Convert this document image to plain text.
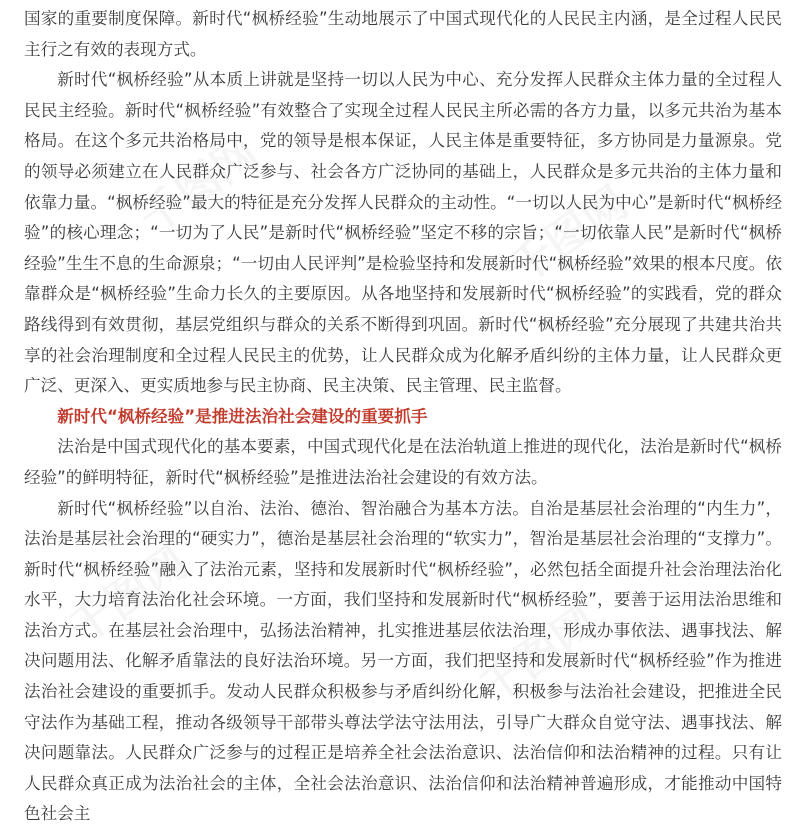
千图网	千图网
千图网
千图网

国家的重要制度保障。新时代“枫桥经验”生动地展示了中国式现代化的人民民主内涵，是全过程人民民主行之有效的表现方式。

新时代“枫桥经验”从本质上讲就是坚持一切以人民为中心、充分发挥人民群众主体力量的全过程人民民主经验。新时代“枫桥经验”有效整合了实现全过程人民民主所必需的各方力量，以多元共治为基本格局。在这个多元共治格局中，党的领导是根本保证，人民主体是重要特征，多方协同是力量源泉。党的领导必须建立在人民群众广泛参与、社会各方广泛协同的基础上，人民群众是多元共治的主体力量和依靠力量。“枫桥经验”最大的特征是充分发挥人民群众的主动性。“一切以人民为中心”是新时代“枫桥经验”的核心理念；“一切为了人民”是新时代“枫桥经验”坚定不移的宗旨；“一切依靠人民”是新时代“枫桥经验”生生不息的生命源泉；“一切由人民评判”是检验坚持和发展新时代“枫桥经验”效果的根本尺度。依靠群众是“枫桥经验”生命力长久的主要原因。从各地坚持和发展新时代“枫桥经验”的实践看，党的群众路线得到有效贯彻，基层党组织与群众的关系不断得到巩固。新时代“枫桥经验”充分展现了共建共治共享的社会治理制度和全过程人民民主的优势，让人民群众成为化解矛盾纠纷的主体力量，让人民群众更广泛、更深入、更实质地参与民主协商、民主决策、民主管理、民主监督。

新时代“枫桥经验”是推进法治社会建设的重要抓手

法治是中国式现代化的基本要素，中国式现代化是在法治轨道上推进的现代化，法治是新时代“枫桥经验”的鲜明特征，新时代“枫桥经验”是推进法治社会建设的有效方法。

新时代“枫桥经验”以自治、法治、德治、智治融合为基本方法。自治是基层社会治理的“内生力”，法治是基层社会治理的“硬实力”，德治是基层社会治理的“软实力”，智治是基层社会治理的“支撑力”。新时代“枫桥经验”融入了法治元素，坚持和发展新时代“枫桥经验”，必然包括全面提升社会治理法治化水平，大力培育法治化社会环境。一方面，我们坚持和发展新时代“枫桥经验”，要善于运用法治思维和法治方式。在基层社会治理中，弘扬法治精神，扎实推进基层依法治理，形成办事依法、遇事找法、解决问题用法、化解矛盾靠法的良好法治环境。另一方面，我们把坚持和发展新时代“枫桥经验”作为推进法治社会建设的重要抓手。发动人民群众积极参与矛盾纠纷化解，积极参与法治社会建设，把推进全民守法作为基础工程，推动各级领导干部带头尊法学法守法用法，引导广大群众自觉守法、遇事找法、解决问题靠法。人民群众广泛参与的过程正是培养全社会法治意识、法治信仰和法治精神的过程。只有让人民群众真正成为法治社会的主体，全社会法治意识、法治信仰和法治精神普遍形成，才能推动中国特色社会主
